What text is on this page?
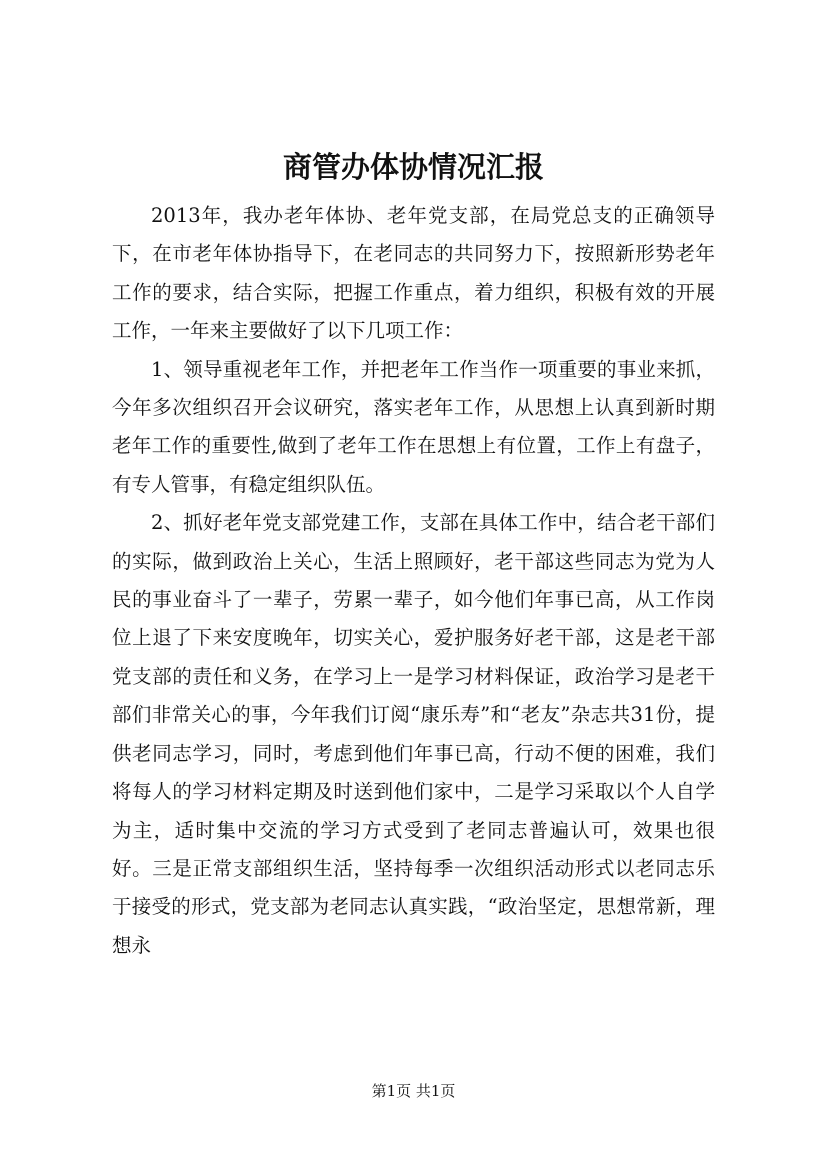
商管办体协情况汇报

2013年，我办老年体协、老年党支部，在局党总支的正确领导下，在市老年体协指导下，在老同志的共同努力下，按照新形势老年工作的要求，结合实际，把握工作重点，着力组织，积极有效的开展工作，一年来主要做好了以下几项工作：

1、领导重视老年工作，并把老年工作当作一项重要的事业来抓，今年多次组织召开会议研究，落实老年工作，从思想上认真到新时期老年工作的重要性,做到了老年工作在思想上有位置，工作上有盘子，有专人管事，有稳定组织队伍。

2、抓好老年党支部党建工作，支部在具体工作中，结合老干部们的实际，做到政治上关心，生活上照顾好，老干部这些同志为党为人民的事业奋斗了一辈子，劳累一辈子，如今他们年事已高，从工作岗位上退了下来安度晚年，切实关心，爱护服务好老干部，这是老干部党支部的责任和义务，在学习上一是学习材料保证，政治学习是老干部们非常关心的事，今年我们订阅“康乐寿”和“老友”杂志共31份，提供老同志学习，同时，考虑到他们年事已高，行动不便的困难，我们将每人的学习材料定期及时送到他们家中，二是学习采取以个人自学为主，适时集中交流的学习方式受到了老同志普遍认可，效果也很好。三是正常支部组织生活，坚持每季一次组织活动形式以老同志乐于接受的形式，党支部为老同志认真实践，“政治坚定，思想常新，理想永

第1页 共1页
